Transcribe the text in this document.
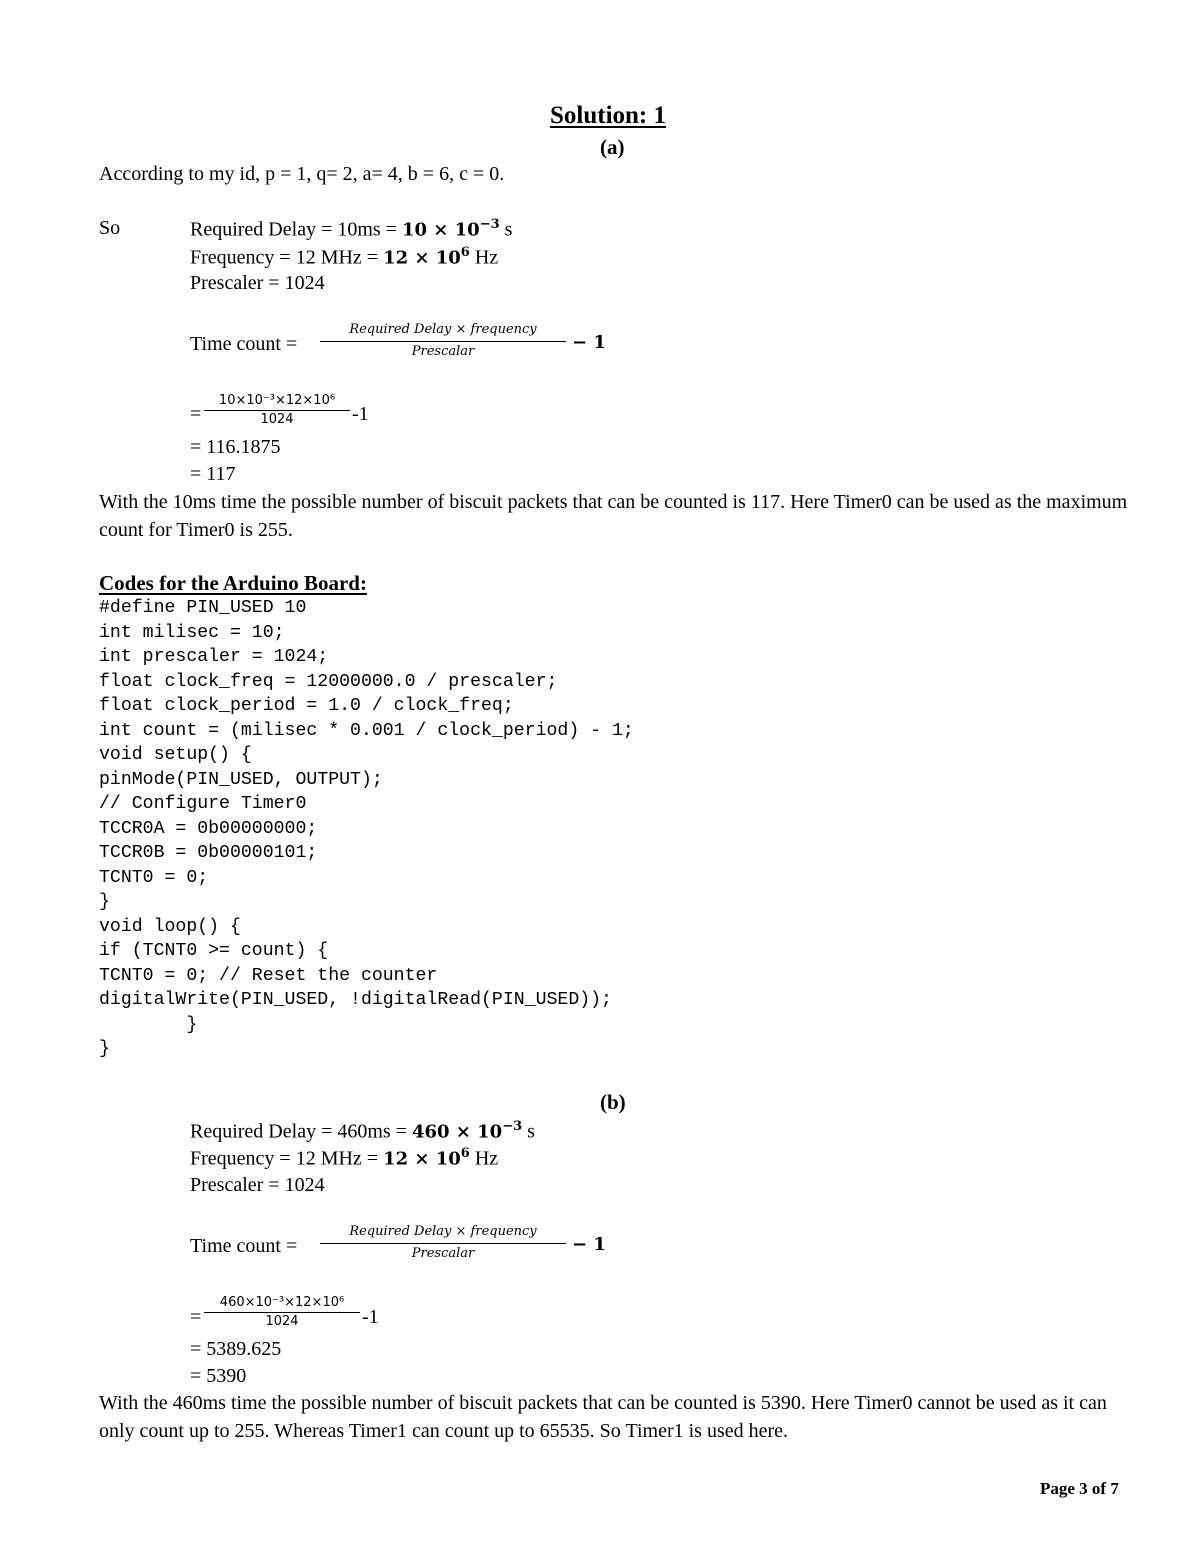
Solution: 1
(a)
According to my id, p = 1, q= 2, a= 4, b = 6, c = 0.
So	Required Delay = $10ms = 10 \times 10^{-3}$ s
Frequency = 12 MHz = $12 \times 10^6$ Hz
Prescaler = 1024
Time count =
Required Delay × frequency
Prescalar	− 1
=
10×10⁻³×12×10⁶
1024	-1
= 116.1875
= 117
With the 10ms time the possible number of biscuit packets that can be counted is 117. Here Timer0 can be used as the maximum count for Timer0 is 255.
Codes for the Arduino Board:
#define PIN_USED 10
int milisec = 10;
int prescaler = 1024;
float clock_freq = 12000000.0 / prescaler;
float clock_period = 1.0 / clock_freq;
int count = (milisec * 0.001 / clock_period) - 1;
void setup() {
pinMode(PIN_USED, OUTPUT);
// Configure Timer0
TCCR0A = 0b00000000;
TCCR0B = 0b00000101;
TCNT0 = 0;
}
void loop() {
if (TCNT0 >= count) {
TCNT0 = 0; // Reset the counter
digitalWrite(PIN_USED, !digitalRead(PIN_USED));
}
}
(b)
Required Delay = $460ms = 460 \times 10^{-3}$ s
Frequency = 12 MHz = $12 \times 10^6$ Hz
Prescaler = 1024
Time count =
Required Delay × frequency
Prescalar	− 1
=
460×10⁻³×12×10⁶
1024	-1
= 5389.625
= 5390
With the 460ms time the possible number of biscuit packets that can be counted is 5390. Here Timer0 cannot be used as it can only count up to 255. Whereas Timer1 can count up to 65535. So Timer1 is used here.
Page 3 of 7
